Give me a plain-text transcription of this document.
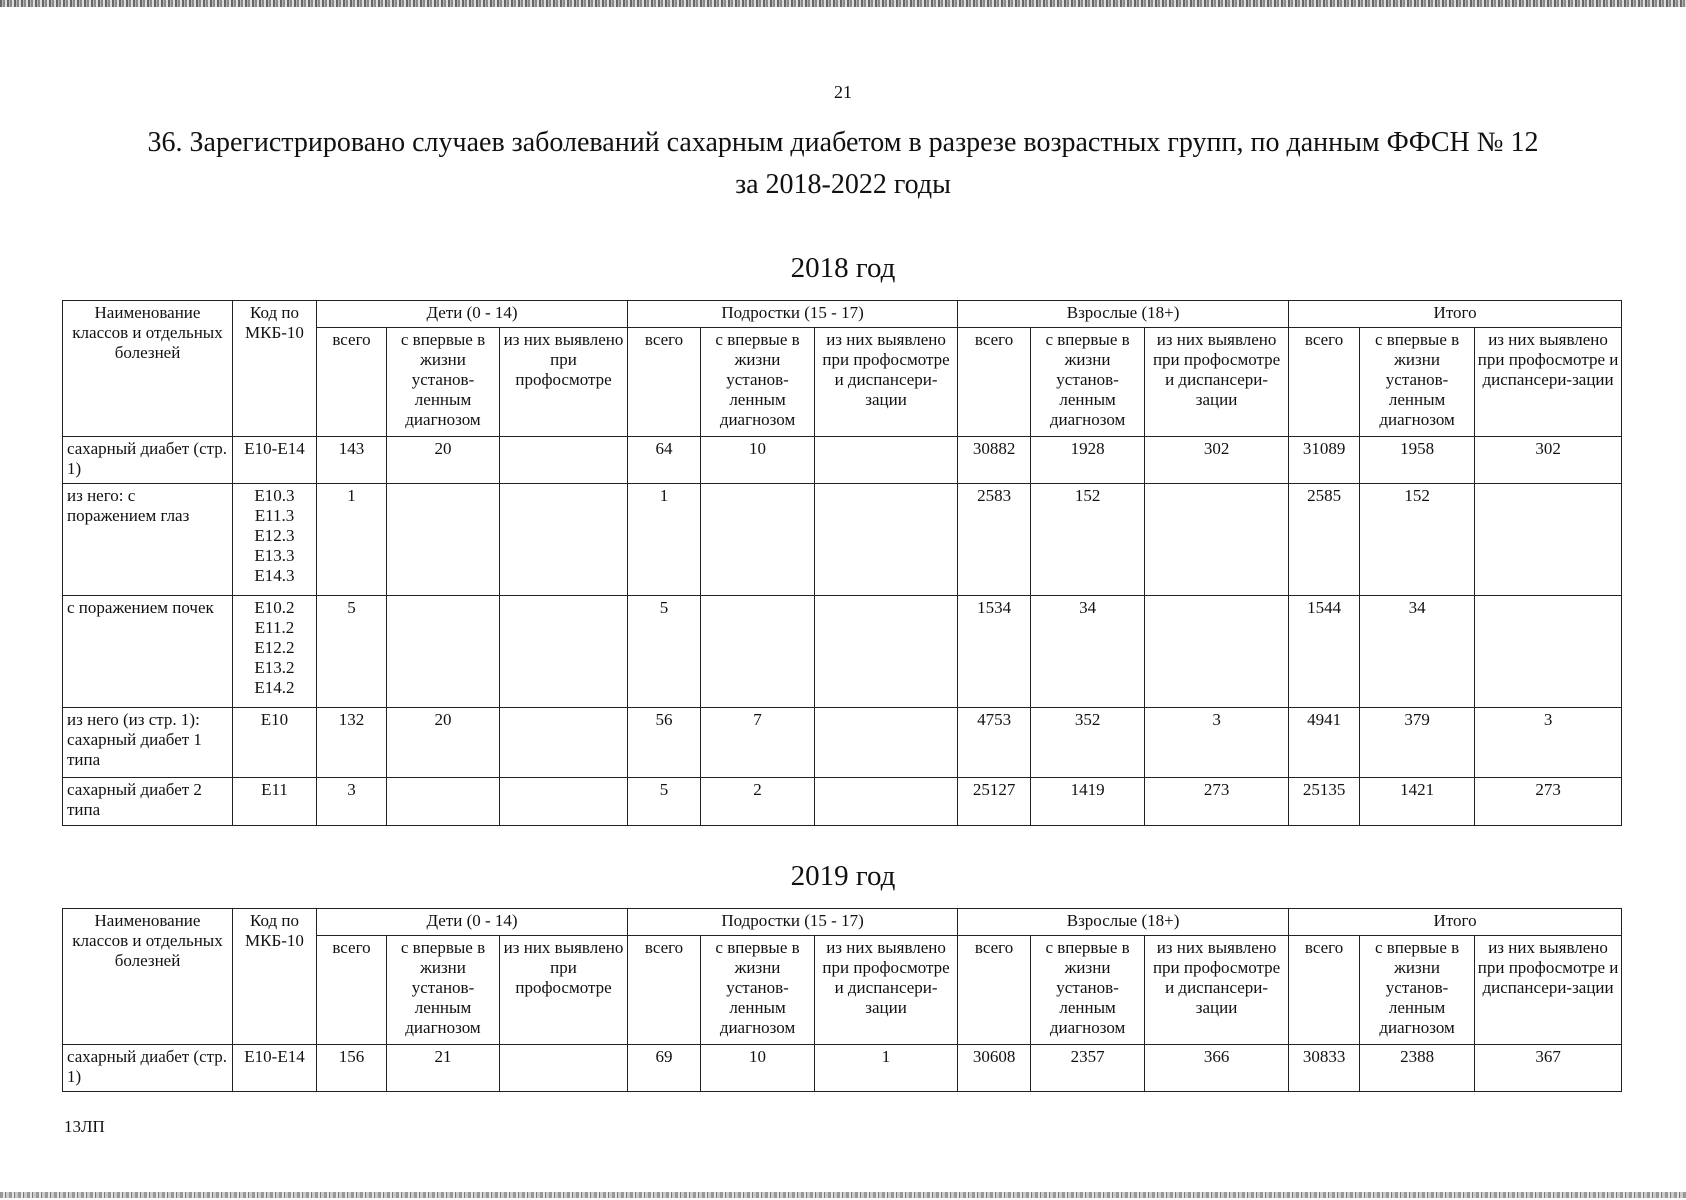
21
36. Зарегистрировано случаев заболеваний сахарным диабетом в разрезе возрастных групп, по данным ФФСН № 12
за 2018-2022 годы
2018 год
Наименование классов и отдельных болезней	Код по МКБ-10	Дети (0 - 14)			Подростки (15 - 17)			Взрослые (18+)			Итого		
		всего	с впервые в жизни установ-ленным диагнозом	из них выявлено при профосмотре	всего	с впервые в жизни установ-ленным диагнозом	из них выявлено при профосмотре и диспансери-зации	всего	с впервые в жизни установ-ленным диагнозом	из них выявлено при профосмотре и диспансери-зации	всего	с впервые в жизни установ-ленным диагнозом	из них выявлено при профосмотре и диспансери-зации
сахарный диабет (стр. 1)	E10-E14	143	20		64	10		30882	1928	302	31089	1958	302
из него: с поражением глаз	E10.3 E11.3 E12.3 E13.3 E14.3	1			1			2583	152		2585	152	
с поражением почек	E10.2 E11.2 E12.2 E13.2 E14.2	5			5			1534	34		1544	34	
из него (из стр. 1): сахарный диабет 1 типа	E10	132	20		56	7		4753	352	3	4941	379	3
сахарный диабет 2 типа	E11	3			5	2		25127	1419	273	25135	1421	273
2019 год
Наименование классов и отдельных болезней	Код по МКБ-10	Дети (0 - 14)			Подростки (15 - 17)			Взрослые (18+)			Итого		
		всего	с впервые в жизни установ-ленным диагнозом	из них выявлено при профосмотре	всего	с впервые в жизни установ-ленным диагнозом	из них выявлено при профосмотре и диспансери-зации	всего	с впервые в жизни установ-ленным диагнозом	из них выявлено при профосмотре и диспансери-зации	всего	с впервые в жизни установ-ленным диагнозом	из них выявлено при профосмотре и диспансери-зации
сахарный диабет (стр. 1)	E10-E14	156	21		69	10	1	30608	2357	366	30833	2388	367
13ЛП
